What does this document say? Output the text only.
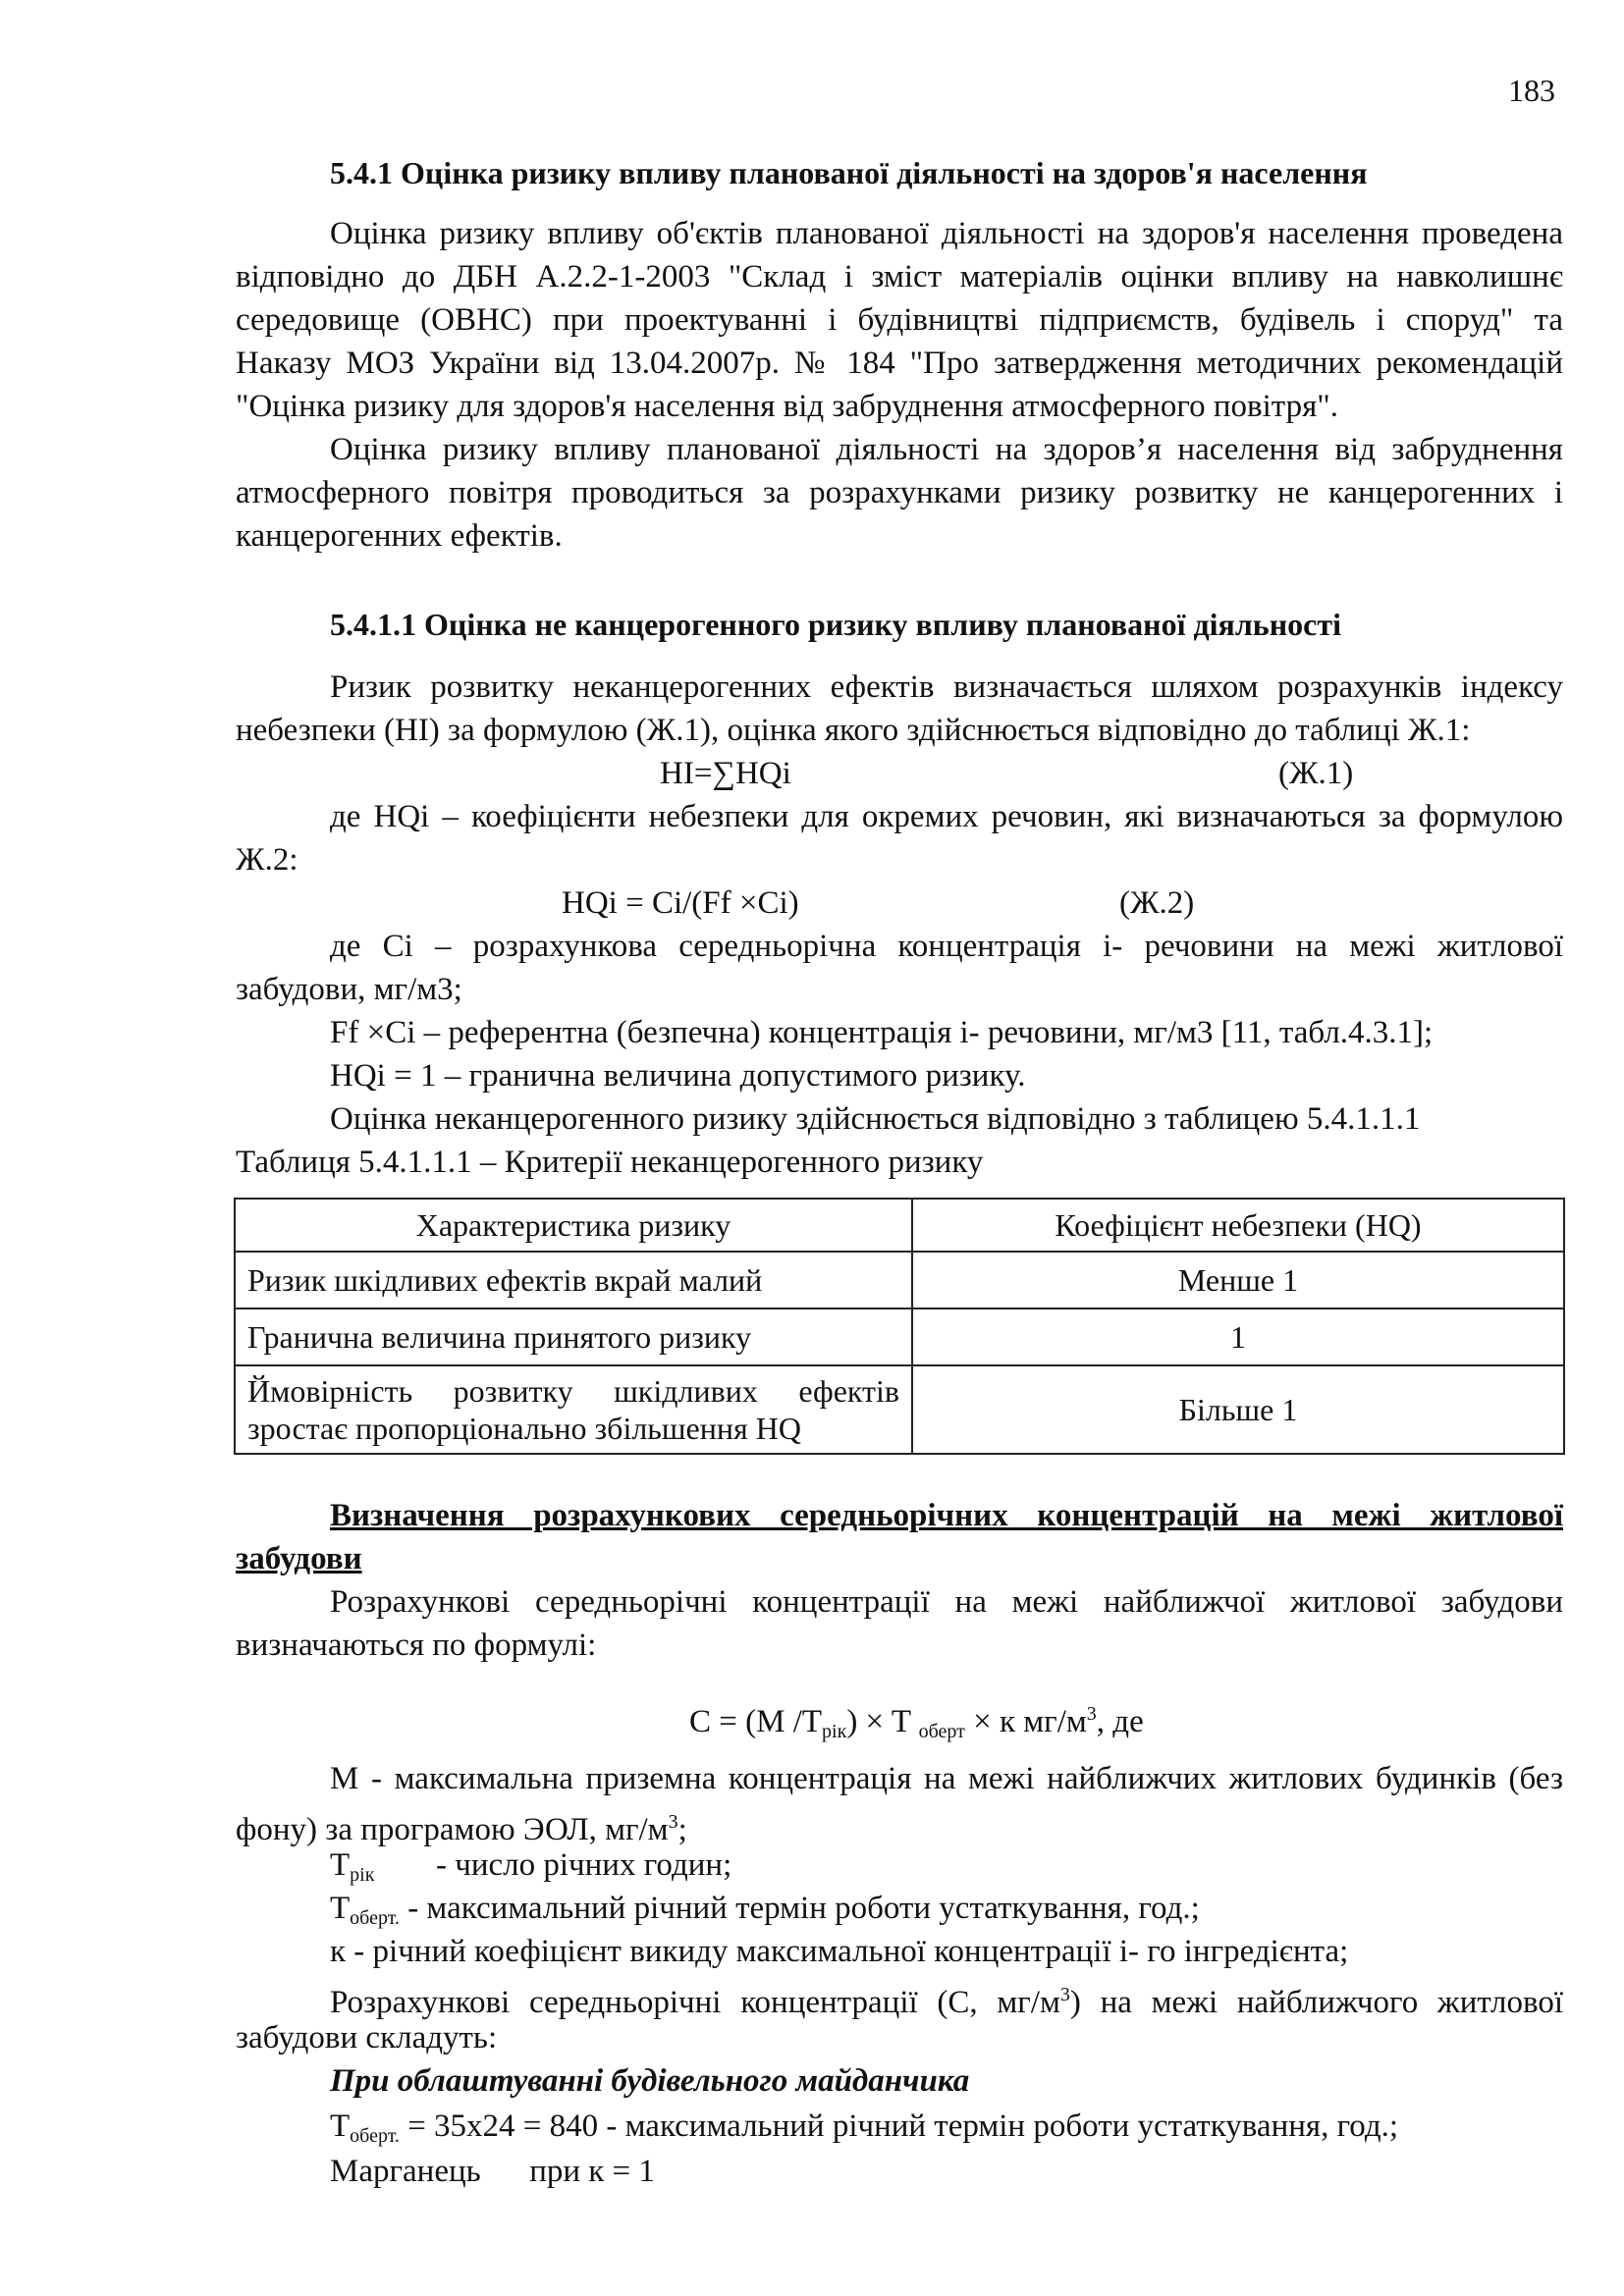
183
5.4.1 Оцінка ризику впливу планованої діяльності на здоров'я населення
Оцінка ризику впливу об'єктів планованої діяльності на здоров'я населення проведена
відповідно до ДБН А.2.2-1-2003 "Склад і зміст матеріалів оцінки впливу на навколишнє
середовище (ОВНС) при проектуванні і будівництві підприємств, будівель і споруд" та
Наказу МОЗ України від 13.04.2007р. № 184 "Про затвердження методичних рекомендацій
"Оцінка ризику для здоров'я населення від забруднення атмосферного повітря".
Оцінка ризику впливу планованої діяльності на здоров’я населення від забруднення
атмосферного повітря проводиться за розрахунками ризику розвитку не канцерогенних і
канцерогенних ефектів.
5.4.1.1 Оцінка не канцерогенного ризику впливу планованої діяльності
Ризик розвитку неканцерогенних ефектів визначається шляхом розрахунків індексу
небезпеки (HI) за формулою (Ж.1), оцінка якого здійснюється відповідно до таблиці Ж.1:
HI=∑HQi	(Ж.1)
де HQi – коефіцієнти небезпеки для окремих речовин, які визначаються за формулою
Ж.2:
HQi = Ci/(Ff ×Ci)	(Ж.2)
де Ci – розрахункова середньорічна концентрація і- речовини на межі житлової
забудови, мг/м3;
Ff ×Ci – референтна (безпечна) концентрація і- речовини, мг/м3 [11, табл.4.3.1];
HQi = 1 – гранична величина допустимого ризику.
Оцінка неканцерогенного ризику здійснюється відповідно з таблицею 5.4.1.1.1
Таблиця 5.4.1.1.1 – Критерії неканцерогенного ризику
Характеристика ризику	Коефіцієнт небезпеки (HQ)
Ризик шкідливих ефектів вкрай малий	Менше 1
Гранична величина принятого ризику	1

Ймовірність розвитку шкідливих ефектів
зростає пропорціонально збільшення HQ	Більше 1
Визначення розрахункових середньорічних концентрацій на межі житлової
забудови
Розрахункові середньорічні концентрації на межі найближчої житлової забудови
визначаються по формулі:
C = (M $/T_{рік}) \times T$ $_{оберт}$ × к $мг/м^3$, де
M - максимальна приземна концентрація на межі найближчих житлових будинків (без
фону) за програмою ЭОЛ, $мг/м^3$;
$T_{рік}$ - число річних годин;
$T_{оберт.}$ - максимальний річний термін роботи устаткування, год.;
к - річний коефіцієнт викиду максимальної концентрації і- го інгредієнта;
Розрахункові середньорічні концентрації (C, $мг/м^3$) на межі найближчого житлової
забудови складуть:
При облаштуванні будівельного майданчика
$T_{оберт.} = 35х24 = 840$ - максимальний річний термін роботи устаткування, год.;
Марганець      при к = 1
